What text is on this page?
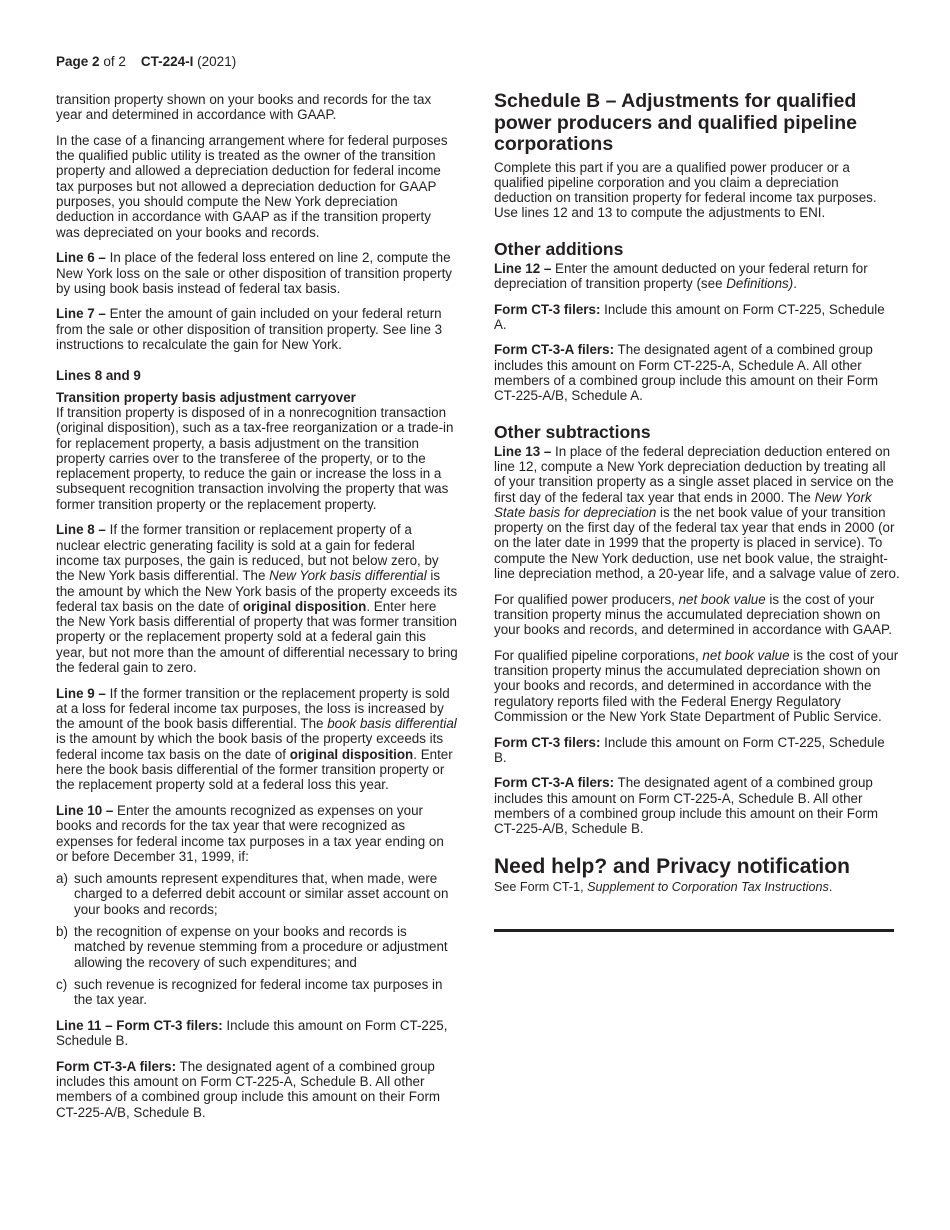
Page 2 of 2 CT-224-I (2021)

transition property shown on your books and records for the tax year and determined in accordance with GAAP.

In the case of a financing arrangement where for federal purposes the qualified public utility is treated as the owner of the transition property and allowed a depreciation deduction for federal income tax purposes but not allowed a depreciation deduction for GAAP purposes, you should compute the New York depreciation deduction in accordance with GAAP as if the transition property was depreciated on your books and records.

Line 6 – In place of the federal loss entered on line 2, compute the New York loss on the sale or other disposition of transition property by using book basis instead of federal tax basis.

Line 7 – Enter the amount of gain included on your federal return from the sale or other disposition of transition property. See line 3 instructions to recalculate the gain for New York.

Lines 8 and 9
Transition property basis adjustment carryover

If transition property is disposed of in a nonrecognition transaction (original disposition), such as a tax-free reorganization or a trade-in for replacement property, a basis adjustment on the transition property carries over to the transferee of the property, or to the replacement property, to reduce the gain or increase the loss in a subsequent recognition transaction involving the property that was former transition property or the replacement property.

Line 8 – If the former transition or replacement property of a nuclear electric generating facility is sold at a gain for federal income tax purposes, the gain is reduced, but not below zero, by the New York basis differential. The New York basis differential is the amount by which the New York basis of the property exceeds its federal tax basis on the date of original disposition. Enter here the New York basis differential of property that was former transition property or the replacement property sold at a federal gain this year, but not more than the amount of differential necessary to bring the federal gain to zero.

Line 9 – If the former transition or the replacement property is sold at a loss for federal income tax purposes, the loss is increased by the amount of the book basis differential. The book basis differential is the amount by which the book basis of the property exceeds its federal income tax basis on the date of original disposition. Enter here the book basis differential of the former transition property or the replacement property sold at a federal loss this year.

Line 10 – Enter the amounts recognized as expenses on your books and records for the tax year that were recognized as expenses for federal income tax purposes in a tax year ending on or before December 31, 1999, if:

a) such amounts represent expenditures that, when made, were charged to a deferred debit account or similar asset account on your books and records;
b) the recognition of expense on your books and records is matched by revenue stemming from a procedure or adjustment allowing the recovery of such expenditures; and
c) such revenue is recognized for federal income tax purposes in the tax year.

Line 11 – Form CT-3 filers: Include this amount on Form CT-225, Schedule B.

Form CT-3-A filers: The designated agent of a combined group includes this amount on Form CT-225-A, Schedule B. All other members of a combined group include this amount on their Form CT-225-A/B, Schedule B.

Schedule B – Adjustments for qualified power producers and qualified pipeline corporations

Complete this part if you are a qualified power producer or a qualified pipeline corporation and you claim a depreciation deduction on transition property for federal income tax purposes. Use lines 12 and 13 to compute the adjustments to ENI.

Other additions

Line 12 – Enter the amount deducted on your federal return for depreciation of transition property (see Definitions).

Form CT-3 filers: Include this amount on Form CT-225, Schedule A.

Form CT-3-A filers: The designated agent of a combined group includes this amount on Form CT-225-A, Schedule A. All other members of a combined group include this amount on their Form CT-225-A/B, Schedule A.

Other subtractions

Line 13 – In place of the federal depreciation deduction entered on line 12, compute a New York depreciation deduction by treating all of your transition property as a single asset placed in service on the first day of the federal tax year that ends in 2000. The New York State basis for depreciation is the net book value of your transition property on the first day of the federal tax year that ends in 2000 (or on the later date in 1999 that the property is placed in service). To compute the New York deduction, use net book value, the straight-line depreciation method, a 20-year life, and a salvage value of zero.

For qualified power producers, net book value is the cost of your transition property minus the accumulated depreciation shown on your books and records, and determined in accordance with GAAP.

For qualified pipeline corporations, net book value is the cost of your transition property minus the accumulated depreciation shown on your books and records, and determined in accordance with the regulatory reports filed with the Federal Energy Regulatory Commission or the New York State Department of Public Service.

Form CT-3 filers: Include this amount on Form CT-225, Schedule B.

Form CT-3-A filers: The designated agent of a combined group includes this amount on Form CT-225-A, Schedule B. All other members of a combined group include this amount on their Form CT-225-A/B, Schedule B.

Need help? and Privacy notification

See Form CT-1, Supplement to Corporation Tax Instructions.
